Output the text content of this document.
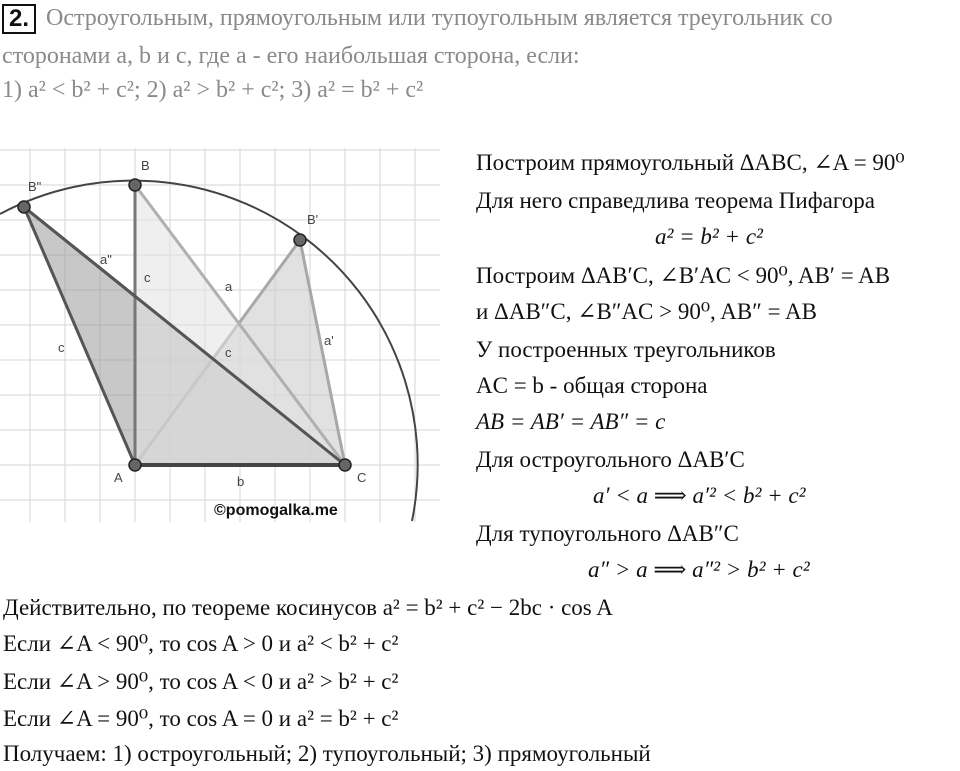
2. Остроугольным, прямоугольным или тупоугольным является треугольник со
сторонами a, b и c, где a - его наибольшая сторона, если:
1) a² < b² + c²; 2) a² > b² + c²; 3) a² = b² + c²
B"
B
B'
a"
c
a
c	c
a'
A	b	C
©pomogalka.me
Построим прямоугольный ΔABC, ∠A = 90⁰
Для него справедлива теорема Пифагора
a² = b² + c²
Построим ΔAB′C, ∠B′AC < 90⁰, AB′ = AB
и ΔAB″C, ∠B″AC > 90⁰, AB″ = AB
У построенных треугольников
AC = b - общая сторона
AB = AB′ = AB″ = c
Для остроугольного ΔAB′C
a′ < a ⟹ a′² < b² + c²
Для тупоугольного ΔAB″C
a″ > a ⟹ a″² > b² + c²
Действительно, по теореме косинусов a² = b² + c² − 2bc · cos A
Если ∠A < 90⁰, то cos A > 0 и a² < b² + c²
Если ∠A > 90⁰, то cos A < 0 и a² > b² + c²
Если ∠A = 90⁰, то cos A = 0 и a² = b² + c²
Получаем: 1) остроугольный; 2) тупоугольный; 3) прямоугольный
